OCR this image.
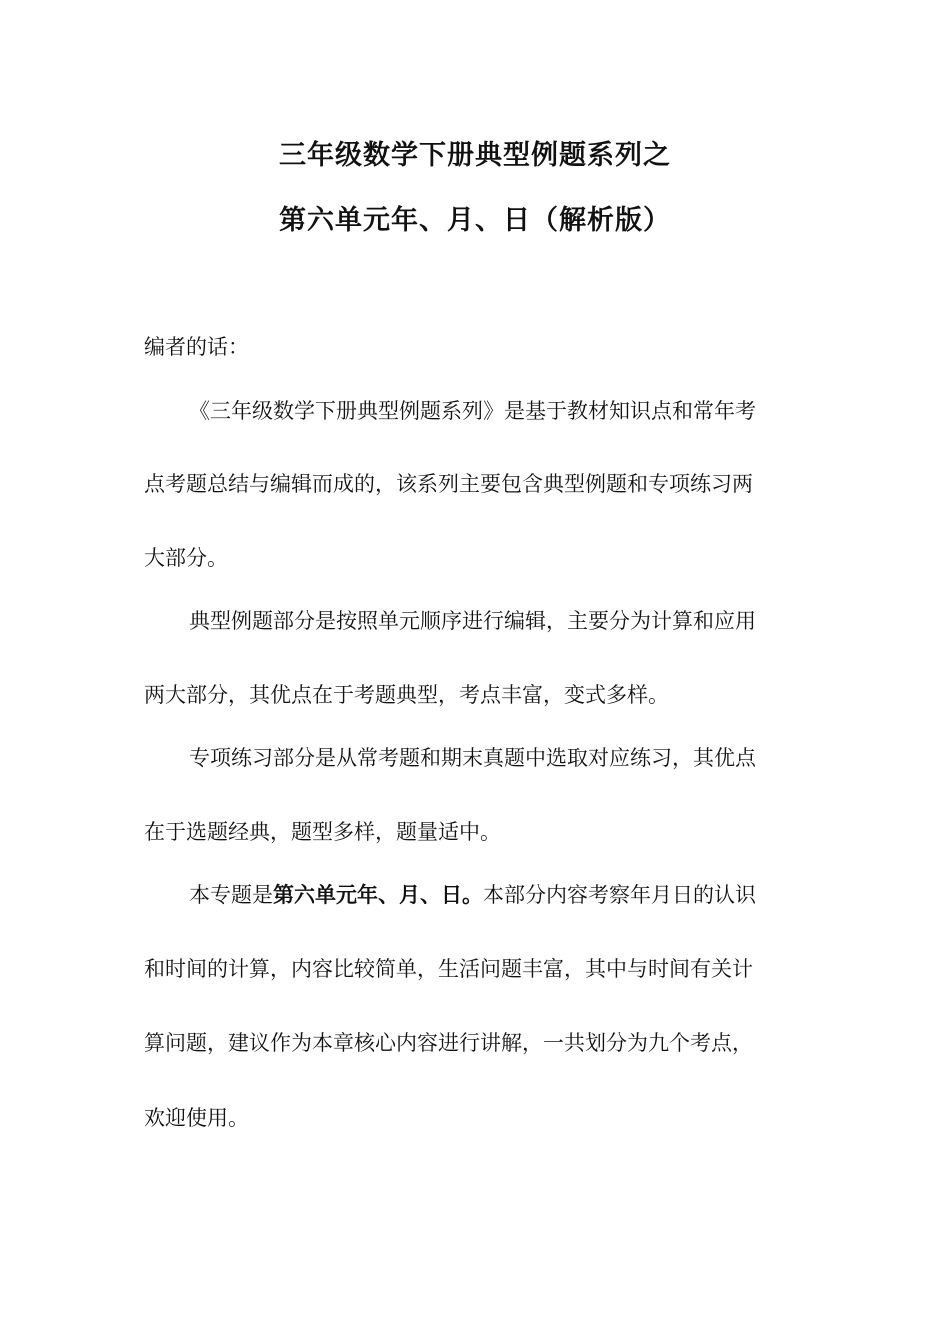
三年级数学下册典型例题系列之
第六单元年、月、日（解析版）
编者的话：
《三年级数学下册典型例题系列》是基于教材知识点和常年考
点考题总结与编辑而成的，该系列主要包含典型例题和专项练习两
大部分。
典型例题部分是按照单元顺序进行编辑，主要分为计算和应用
两大部分，其优点在于考题典型，考点丰富，变式多样。
专项练习部分是从常考题和期末真题中选取对应练习，其优点
在于选题经典，题型多样，题量适中。
本专题是第六单元年、月、日。本部分内容考察年月日的认识
和时间的计算，内容比较简单，生活问题丰富，其中与时间有关计
算问题，建议作为本章核心内容进行讲解，一共划分为九个考点，
欢迎使用。
